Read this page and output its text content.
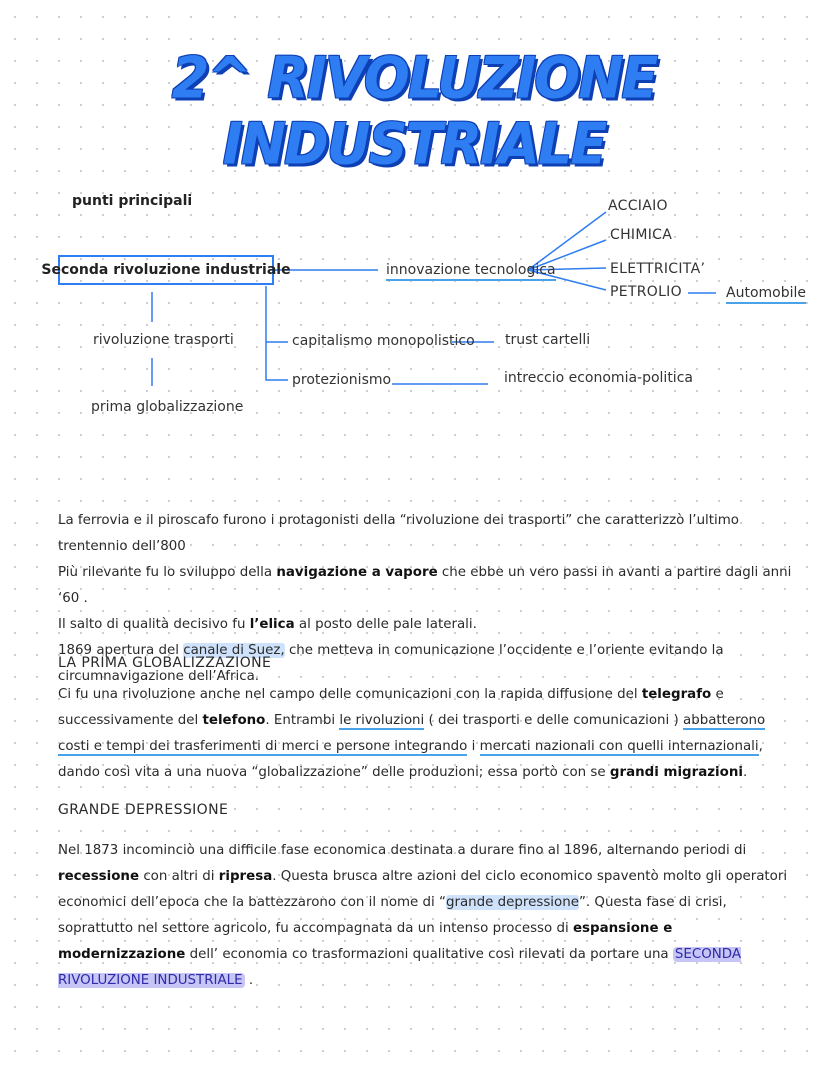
2^ RIVOLUZIONE INDUSTRIALE
punti principali
Seconda rivoluzione industriale	innovazione tecnologica
ACCIAIO
CHIMICA
ELETTRICITA’
PETROLIO	Automobile
rivoluzione trasporti
prima globalizzazione
capitalismo monopolistico trust cartelli
protezionismo	intreccio economia-politica
La ferrovia e il piroscafo furono i protagonisti della “rivoluzione dei trasporti” che caratterizzò l’ultimo trentennio dell’800
Più rilevante fu lo sviluppo della navigazione a vapore che ebbe un vero passi in avanti a partire dagli anni ‘60 .
Il salto di qualità decisivo fu l’elica al posto delle pale laterali.
1869 apertura del canale di Suez, che metteva in comunicazione l’occidente e l’oriente evitando la circumnavigazione dell’Africa.
LA PRIMA GLOBALIZZAZIONE
Ci fu una rivoluzione anche nel campo delle comunicazioni con la rapida diffusione del telegrafo e successivamente del telefono. Entrambi le rivoluzioni ( dei trasporti e delle comunicazioni ) abbatterono costi e tempi dei trasferimenti di merci e persone integrando i mercati nazionali con quelli internazionali, dando così vita a una nuova “globalizzazione” delle produzioni; essa portò con se grandi migrazioni.
GRANDE DEPRESSIONE
Nel 1873 incominciò una difficile fase economica destinata a durare fino al 1896, alternando periodi di recessione con altri di ripresa. Questa brusca altre azioni del ciclo economico spaventò molto gli operatori economici dell’epoca che la battezzarono con il nome di “grande depressione”. Questa fase di crisi, soprattutto nel settore agricolo, fu accompagnata da un intenso processo di espansione e modernizzazione dell’ economia co trasformazioni qualitative così rilevati da portare una SECONDA RIVOLUZIONE INDUSTRIALE .
